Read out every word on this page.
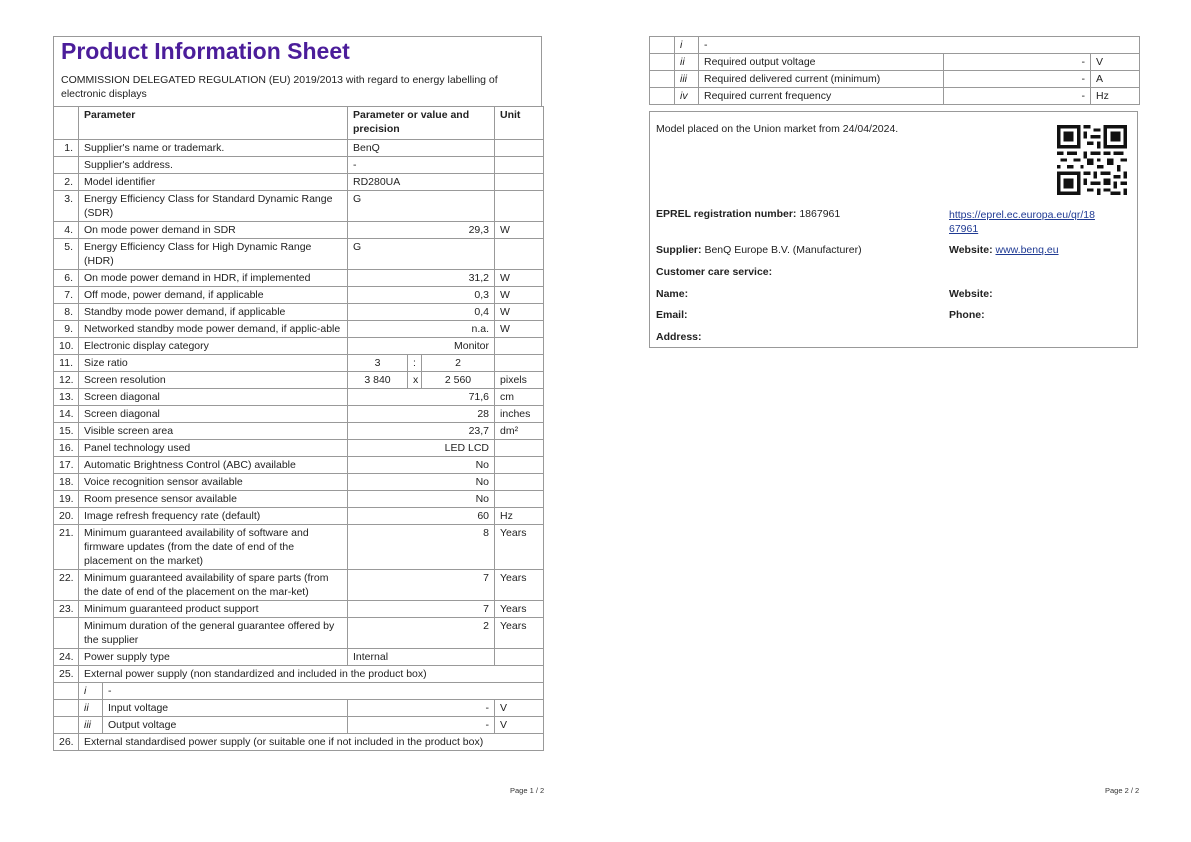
Product Information Sheet
COMMISSION DELEGATED REGULATION (EU) 2019/2013 with regard to energy labelling of electronic displays
	Parameter		Parameter or value and precision			Unit
1.	Supplier's name or trademark.		BenQ			
	Supplier's address.		-			
2.	Model identifier		RD280UA			
3.	Energy Efficiency Class for Standard Dynamic Range (SDR)		G			
4.	On mode power demand in SDR		29,3			W
5.	Energy Efficiency Class for High Dynamic Range (HDR)		G			
6.	On mode power demand in HDR, if implemented		31,2			W
7.	Off mode, power demand, if applicable		0,3			W
8.	Standby mode power demand, if applicable		0,4			W
9.	Networked standby mode power demand, if applic-able		n.a.			W
10.	Electronic display category		Monitor			
11.	Size ratio		3	:	2	
12.	Screen resolution		3 840	x	2 560	pixels
13.	Screen diagonal		71,6			cm
14.	Screen diagonal		28			inches
15.	Visible screen area		23,7			dm²
16.	Panel technology used		LED LCD			
17.	Automatic Brightness Control (ABC) available		No			
18.	Voice recognition sensor available		No			
19.	Room presence sensor available		No			
20.	Image refresh frequency rate (default)		60			Hz
21.	Minimum guaranteed availability of software and firmware updates (from the date of end of the placement on the market)		8			Years
22.	Minimum guaranteed availability of spare parts (from the date of end of the placement on the mar-ket)		7			Years
23.	Minimum guaranteed product support		7			Years
	Minimum duration of the general guarantee offered by the supplier		2			Years
24.	Power supply type		Internal			
25.	External power supply (non standardized and included in the product box)					
	i	-				
	ii	Input voltage	-			V
	iii	Output voltage	-			V
26.	External standardised power supply (or suitable one if not included in the product box)					
Page 1 / 2
	i	-		
	ii	Required output voltage	-	V
	iii	Required delivered current (minimum)	-	A
	iv	Required current frequency	-	Hz
Model placed on the Union market from 24/04/2024.
EPREL registration number: 1867961	https://eprel.ec.europa.eu/qr/18
67961
Supplier: BenQ Europe B.V. (Manufacturer)	Website: www.benq.eu
Customer care service:
Name:	Website:
Email:	Phone:
Address:
Page 2 / 2
